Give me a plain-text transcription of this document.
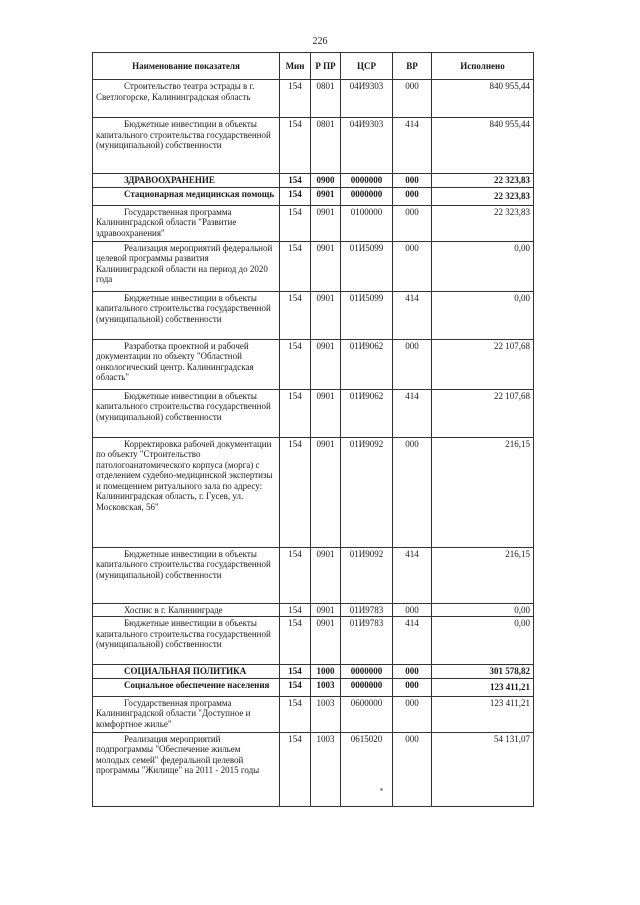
226
Наименование показателя	Мин	Р ПР	ЦСР	ВР	Исполнено
Строительство театра эстрады в г. Светлогорске, Калининградская область	154	0801	04И9303	000	840 955,44
Бюджетные инвестиции в объекты капитального строительства государственной (муниципальной) собственности	154	0801	04И9303	414	840 955,44
ЗДРАВООХРАНЕНИЕ	154	0900	0000000	000	22 323,83
Стационарная медицинская помощь	154	0901	0000000	000	22 323,83
Государственная программа Калининградской области "Развитие здравоохранения"	154	0901	0100000	000	22 323,83
Реализация мероприятий федеральной целевой программы развития Калининградской области на период до 2020 года	154	0901	01И5099	000	0,00
Бюджетные инвестиции в объекты капитального строительства государственной (муниципальной) собственности	154	0901	01И5099	414	0,00
Разработка проектной и рабочей документации по объекту "Областной онкологический центр. Калининградская область"	154	0901	01И9062	000	22 107,68
Бюджетные инвестиции в объекты капитального строительства государственной (муниципальной) собственности	154	0901	01И9062	414	22 107,68
Корректировка рабочей документации по объекту "Строительство патологоанатомического корпуса (морга) с отделением судебно-медицинской экспертизы и помещением ритуального зала по адресу: Калининградская область, г. Гусев, ул. Московская, 56"	154	0901	01И9092	000	216,15
Бюджетные инвестиции в объекты капитального строительства государственной (муниципальной) собственности	154	0901	01И9092	414	216,15
Хоспис в г. Калининграде	154	0901	01И9783	000	0,00
Бюджетные инвестиции в объекты капитального строительства государственной (муниципальной) собственности	154	0901	01И9783	414	0,00
СОЦИАЛЬНАЯ ПОЛИТИКА	154	1000	0000000	000	301 578,82
Социальное обеспечение населения	154	1003	0000000	000	123 411,21
Государственная программа Калининградской области "Доступное и комфортное жилье"	154	1003	0600000	000	123 411,21
Реализация мероприятий подпрограммы "Обеспечение жильем молодых семей" федеральной целевой программы "Жилище" на 2011 - 2015 годы	154	1003	0615020	000	54 131,07
